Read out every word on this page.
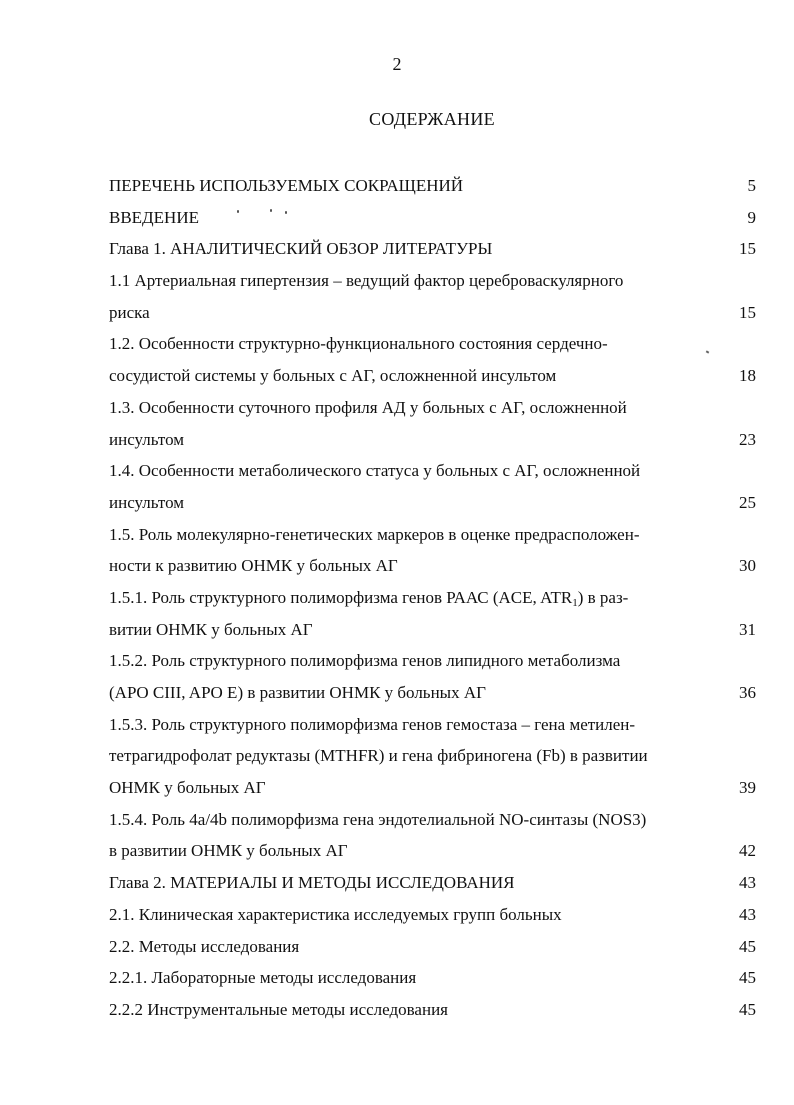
2
СОДЕРЖАНИЕ
ПЕРЕЧЕНЬ ИСПОЛЬЗУЕМЫХ СОКРАЩЕНИЙ	5
ВВЕДЕНИЕ	9
Глава 1. АНАЛИТИЧЕСКИЙ ОБЗОР ЛИТЕРАТУРЫ	15
1.1 Артериальная гипертензия – ведущий фактор цереброваскулярного
риска	15
1.2. Особенности структурно-функционального состояния сердечно-
сосудистой системы у больных с АГ, осложненной инсультом	18
1.3. Особенности суточного профиля АД у больных с АГ, осложненной
инсультом	23
1.4. Особенности метаболического статуса у больных с АГ, осложненной
инсультом	25
1.5. Роль молекулярно-генетических маркеров в оценке предрасположен-
ности к развитию ОНМК у больных АГ	30
1.5.1. Роль структурного полиморфизма генов РААС (ACE, $ATR_1$) в раз-
витии ОНМК у больных АГ	31
1.5.2. Роль структурного полиморфизма генов липидного метаболизма
(APO CIII, APO E) в развитии ОНМК у больных АГ	36
1.5.3. Роль структурного полиморфизма генов гемостаза – гена метилен-
тетрагидрофолат редуктазы (MTHFR) и гена фибриногена (Fb) в развитии
ОНМК у больных АГ	39
1.5.4. Роль 4a/4b полиморфизма гена эндотелиальной NO-синтазы (NOS3)
в развитии ОНМК у больных АГ	42
Глава 2. МАТЕРИАЛЫ И МЕТОДЫ ИССЛЕДОВАНИЯ	43
2.1. Клиническая характеристика исследуемых групп больных	43
2.2. Методы исследования	45
2.2.1. Лабораторные методы исследования	45
2.2.2 Инструментальные методы исследования	45
